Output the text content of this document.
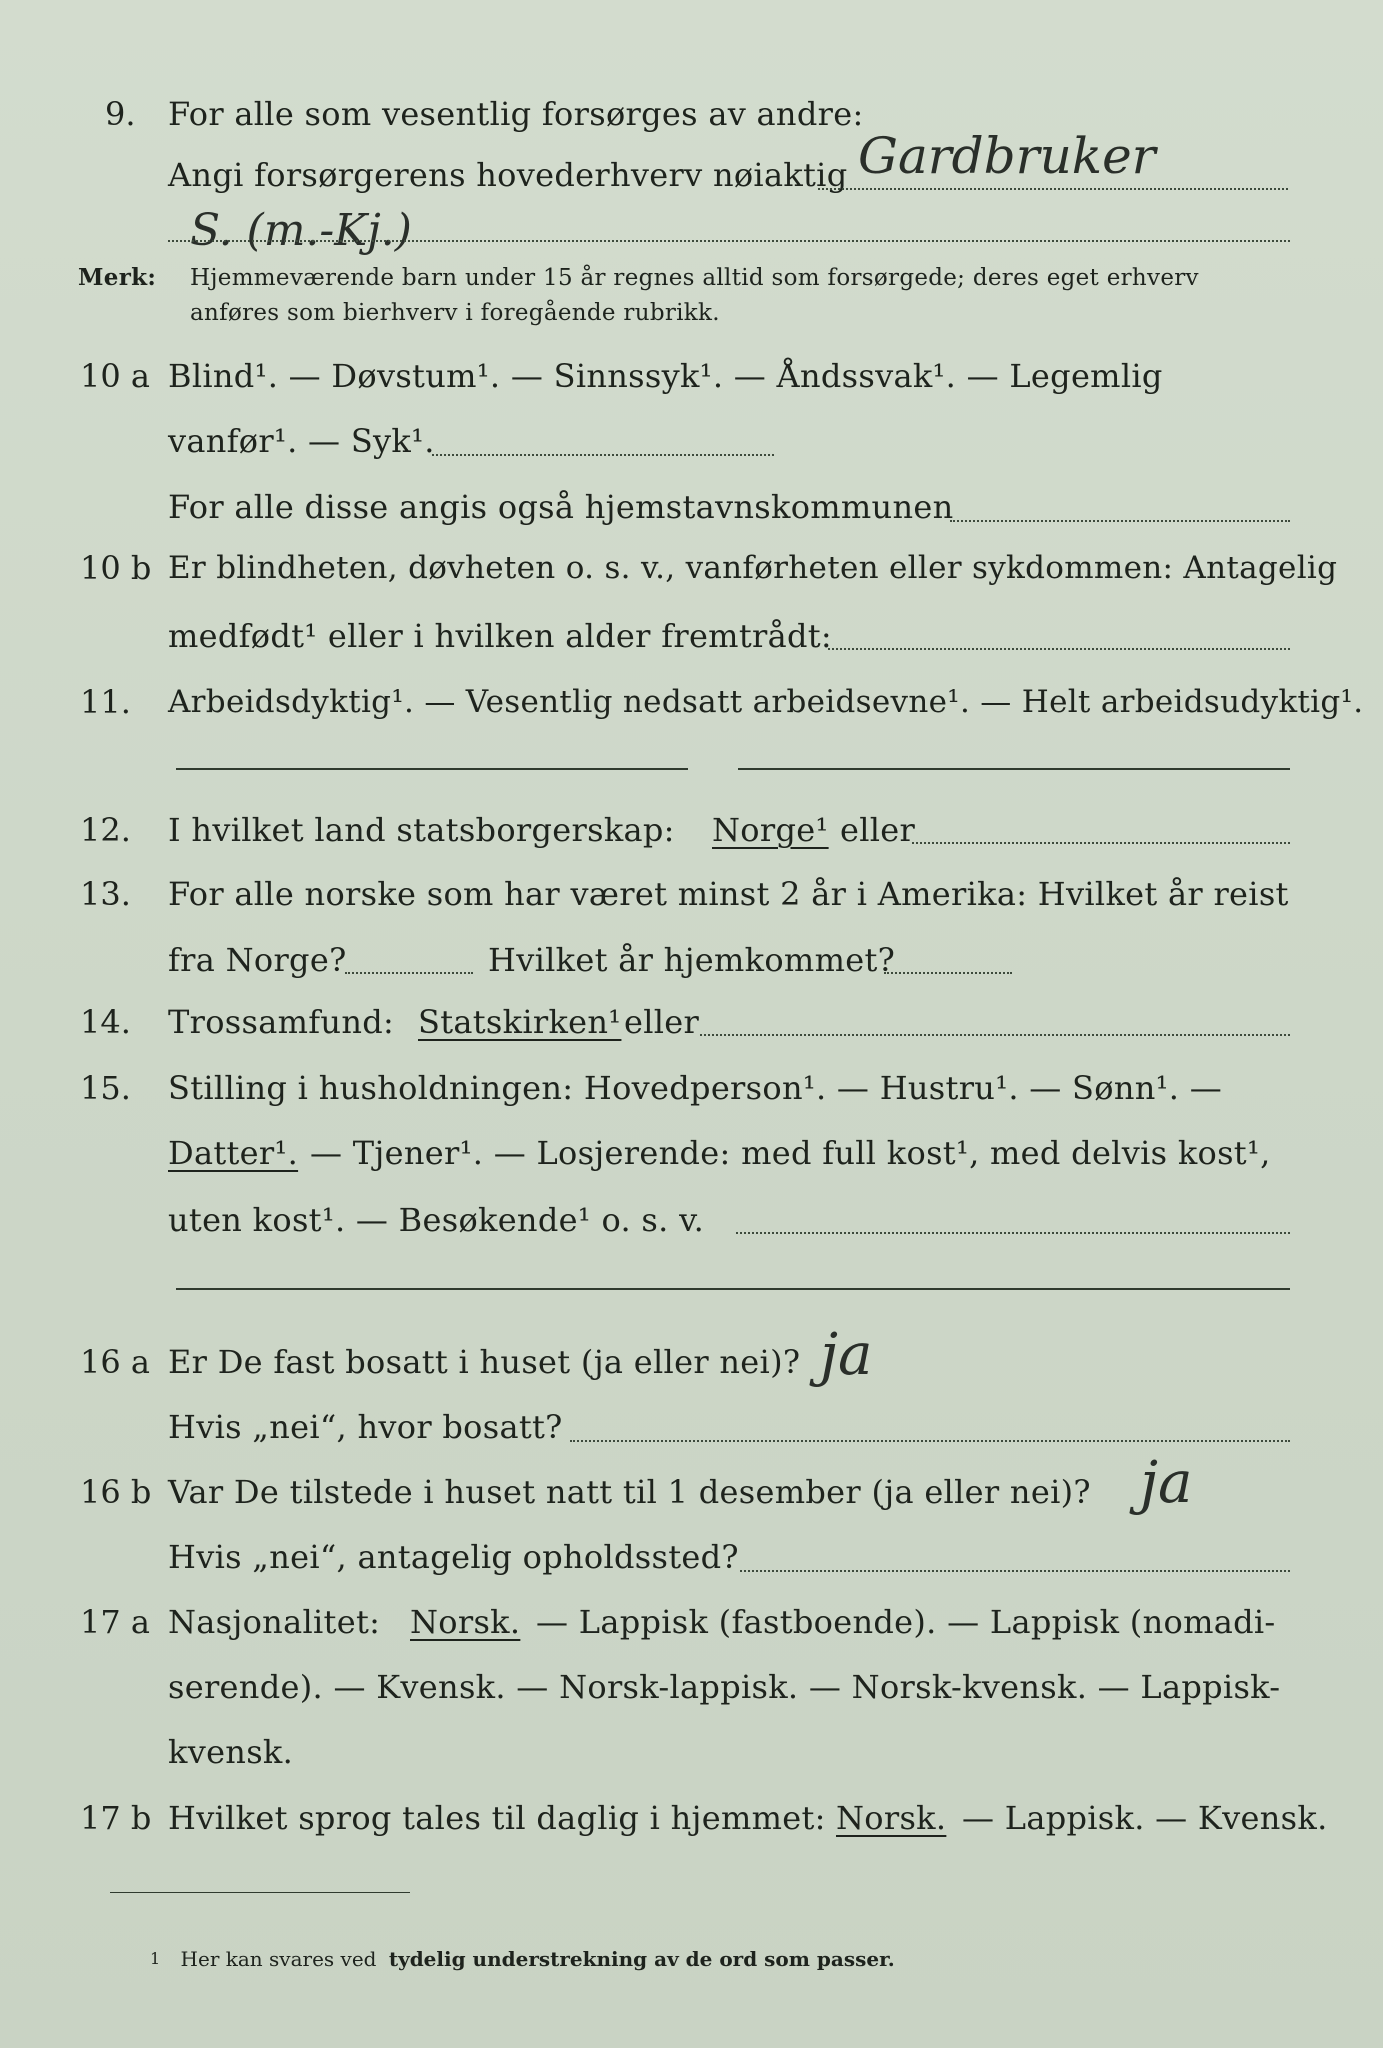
9. For alle som vesentlig forsørges av andre:
Angi forsørgerens hovederhverv nøiaktig Gardbruker
S. (m.-Kj.)
Merk: Hjemmeværende barn under 15 år regnes alltid som forsørgede; deres eget erhverv
anføres som bierhverv i foregående rubrikk.
10 a Blind¹. — Døvstum¹. — Sinnssyk¹. — Åndssvak¹. — Legemlig
vanfør¹. — Syk¹.
For alle disse angis også hjemstavnskommunen
10 b Er blindheten, døvheten o. s. v., vanførheten eller sykdommen: Antagelig
medfødt¹ eller i hvilken alder fremtrådt:
11. Arbeidsdyktig¹. — Vesentlig nedsatt arbeidsevne¹. — Helt arbeidsudyktig¹.
12. I hvilket land statsborgerskap: Norge¹ eller
13. For alle norske som har været minst 2 år i Amerika: Hvilket år reist
fra Norge?	Hvilket år hjemkommet?
14. Trossamfund: Statskirken¹ eller
15. Stilling i husholdningen: Hovedperson¹. — Hustru¹. — Sønn¹. —
Datter¹. — Tjener¹. — Losjerende: med full kost¹, med delvis kost¹,
uten kost¹. — Besøkende¹ o. s. v.
16 a Er De fast bosatt i huset (ja eller nei)? ja
Hvis „nei“, hvor bosatt?
16 b Var De tilstede i huset natt til 1 desember (ja eller nei)? ja
Hvis „nei“, antagelig opholdssted?
17 a Nasjonalitet: Norsk. — Lappisk (fastboende). — Lappisk (nomadi-
serende). — Kvensk. — Norsk-lappisk. — Norsk-kvensk. — Lappisk-
kvensk.
17 b Hvilket sprog tales til daglig i hjemmet: Norsk. — Lappisk. — Kvensk.
$^1$ Her kan svares ved tydelig understrekning av de ord som passer.
